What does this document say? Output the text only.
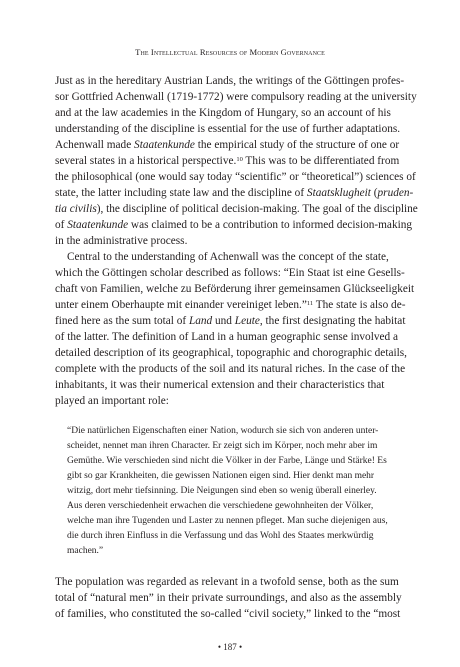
The Intellectual Resources of Modern Governance
Just as in the hereditary Austrian Lands, the writings of the Göttingen profes-
sor Gottfried Achenwall (1719-1772) were compulsory reading at the university
and at the law academies in the Kingdom of Hungary, so an account of his
understanding of the discipline is essential for the use of further adaptations.
Achenwall made Staatenkunde the empirical study of the structure of one or
several states in a historical perspective.$^{10}$ This was to be differentiated from
the philosophical (one would say today “scientific” or “theoretical”) sciences of
state, the latter including state law and the discipline of Staatsklugheit (pruden-
tia civilis), the discipline of political decision-making. The goal of the discipline
of Staatenkunde was claimed to be a contribution to informed decision-making
in the administrative process.
Central to the understanding of Achenwall was the concept of the state,
which the Göttingen scholar described as follows: “Ein Staat ist eine Gesells-
chaft von Familien, welche zu Beförderung ihrer gemeinsamen Glückseeligkeit
unter einem Oberhaupte mit einander vereiniget leben.”$^{11}$ The state is also de-
fined here as the sum total of Land und Leute, the first designating the habitat
of the latter. The definition of Land in a human geographic sense involved a
detailed description of its geographical, topographic and chorographic details,
complete with the products of the soil and its natural riches. In the case of the
inhabitants, it was their numerical extension and their characteristics that
played an important role:
“Die natürlichen Eigenschaften einer Nation, wodurch sie sich von anderen unter-
scheidet, nennet man ihren Character. Er zeigt sich im Körper, noch mehr aber im
Gemüthe. Wie verschieden sind nicht die Völker in der Farbe, Länge und Stärke! Es
gibt so gar Krankheiten, die gewissen Nationen eigen sind. Hier denkt man mehr
witzig, dort mehr tiefsinning. Die Neigungen sind eben so wenig überall einerley.
Aus deren verschiedenheit erwachen die verschiedene gewohnheiten der Völker,
welche man ihre Tugenden und Laster zu nennen pfleget. Man suche diejenigen aus,
die durch ihren Einfluss in die Verfassung und das Wohl des Staates merkwürdig
machen.”
The population was regarded as relevant in a twofold sense, both as the sum
total of “natural men” in their private surroundings, and also as the assembly
of families, who constituted the so-called “civil society,” linked to the “most
• 187 •
